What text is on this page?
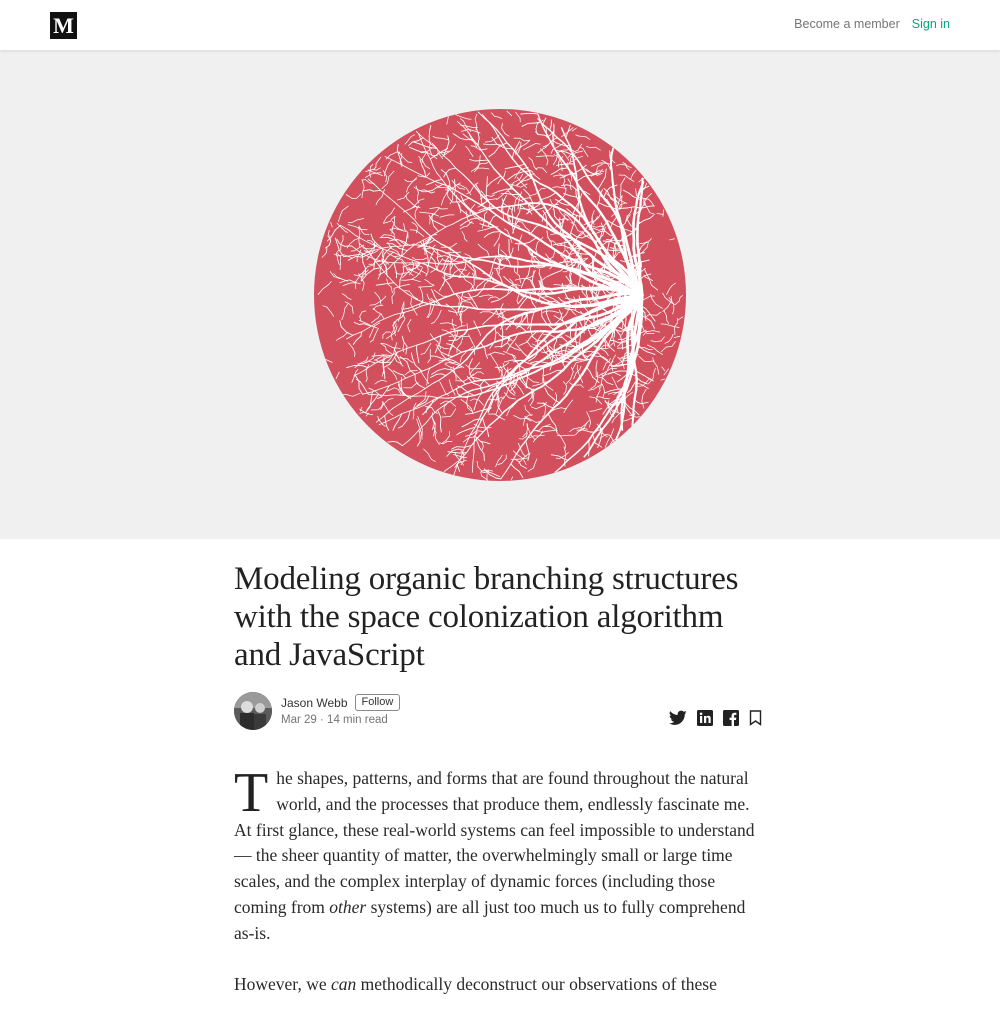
M	Become a member Sign in
Modeling organic branching structures with the space colonization algorithm and JavaScript
Jason Webb	Follow
Mar 29 · 14 min read

The shapes, patterns, and forms that are found throughout the natural world, and the processes that produce them, endlessly fascinate me. At first glance, these real-world systems can feel impossible to understand — the sheer quantity of matter, the overwhelmingly small or large time scales, and the complex interplay of dynamic forces (including those coming from other systems) are all just too much us to fully comprehend as-is.

However, we can methodically deconstruct our observations of these
